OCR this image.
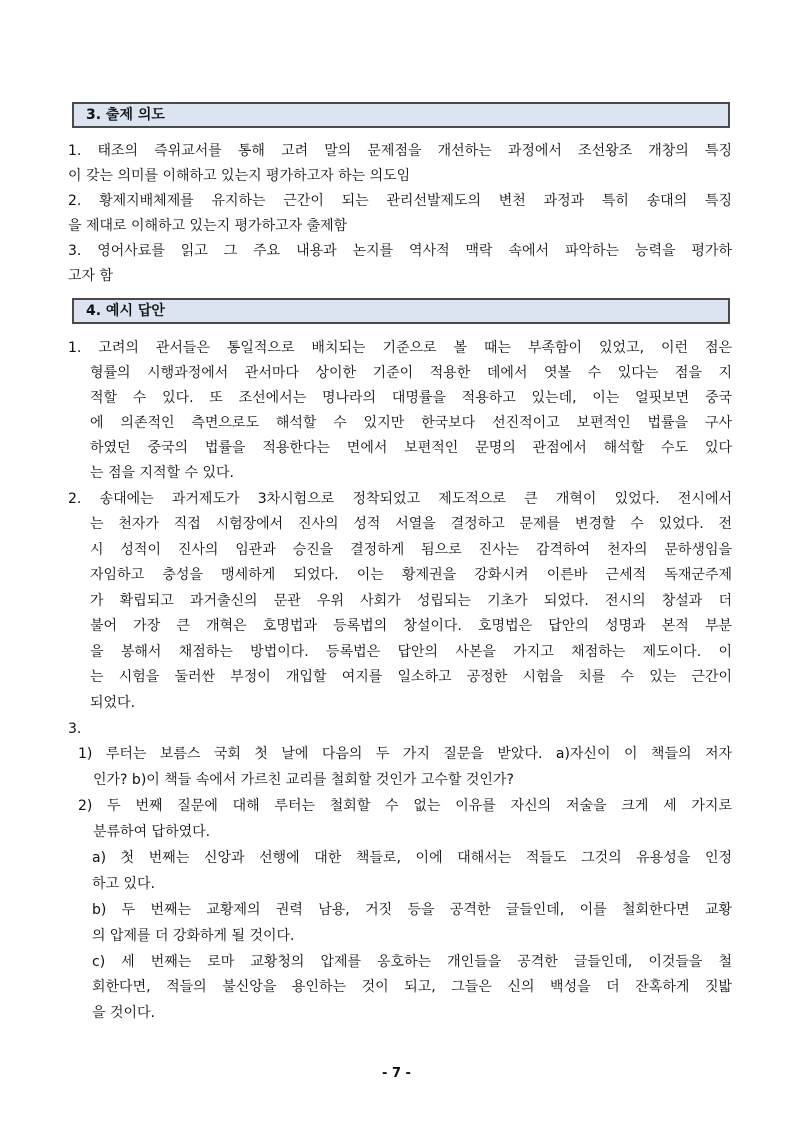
3. 출제 의도
1. 태조의 즉위교서를 통해 고려 말의 문제점을 개선하는 과정에서 조선왕조 개창의 특징
이 갖는 의미를 이해하고 있는지 평가하고자 하는 의도임
2. 황제지배체제를 유지하는 근간이 되는 관리선발제도의 변천 과정과 특히 송대의 특징
을 제대로 이해하고 있는지 평가하고자 출제함
3. 영어사료를 읽고 그 주요 내용과 논지를 역사적 맥락 속에서 파악하는 능력을 평가하
고자 함
4. 예시 답안
1. 고려의 관서들은 통일적으로 배치되는 기준으로 볼 때는 부족함이 있었고, 이런 점은
형률의 시행과정에서 관서마다 상이한 기준이 적용한 데에서 엿볼 수 있다는 점을 지
적할 수 있다. 또 조선에서는 명나라의 대명률을 적용하고 있는데, 이는 얼핏보면 중국
에 의존적인 측면으로도 해석할 수 있지만 한국보다 선진적이고 보편적인 법률을 구사
하였던 중국의 법률을 적용한다는 면에서 보편적인 문명의 관점에서 해석할 수도 있다
는 점을 지적할 수 있다.
2. 송대에는 과거제도가 3차시험으로 정착되었고 제도적으로 큰 개혁이 있었다. 전시에서
는 천자가 직접 시험장에서 진사의 성적 서열을 결정하고 문제를 변경할 수 있었다. 전
시 성적이 진사의 임관과 승진을 결정하게 됨으로 진사는 감격하여 천자의 문하생임을
자임하고 충성을 맹세하게 되었다. 이는 황제권을 강화시켜 이른바 근세적 독재군주제
가 확립되고 과거출신의 문관 우위 사회가 성립되는 기초가 되었다. 전시의 창설과 더
불어 가장 큰 개혁은 호명법과 등록법의 창설이다. 호명법은 답안의 성명과 본적 부분
을 봉해서 채점하는 방법이다. 등록법은 답안의 사본을 가지고 채점하는 제도이다. 이
는 시험을 둘러싼 부정이 개입할 여지를 일소하고 공정한 시험을 치를 수 있는 근간이
되었다.
3.
1) 루터는 보름스 국회 첫 날에 다음의 두 가지 질문을 받았다. a)자신이 이 책들의 저자
인가? b)이 책들 속에서 가르친 교리를 철회할 것인가 고수할 것인가?
2) 두 번째 질문에 대해 루터는 철회할 수 없는 이유를 자신의 저술을 크게 세 가지로
분류하여 답하였다.
a) 첫 번째는 신앙과 선행에 대한 책들로, 이에 대해서는 적들도 그것의 유용성을 인정
하고 있다.
b) 두 번째는 교황제의 권력 남용, 거짓 등을 공격한 글들인데, 이를 철회한다면 교황
의 압제를 더 강화하게 될 것이다.
c) 세 번째는 로마 교황청의 압제를 옹호하는 개인들을 공격한 글들인데, 이것들을 철
회한다면, 적들의 불신앙을 용인하는 것이 되고, 그들은 신의 백성을 더 잔혹하게 짓밟
을 것이다.
- 7 -
